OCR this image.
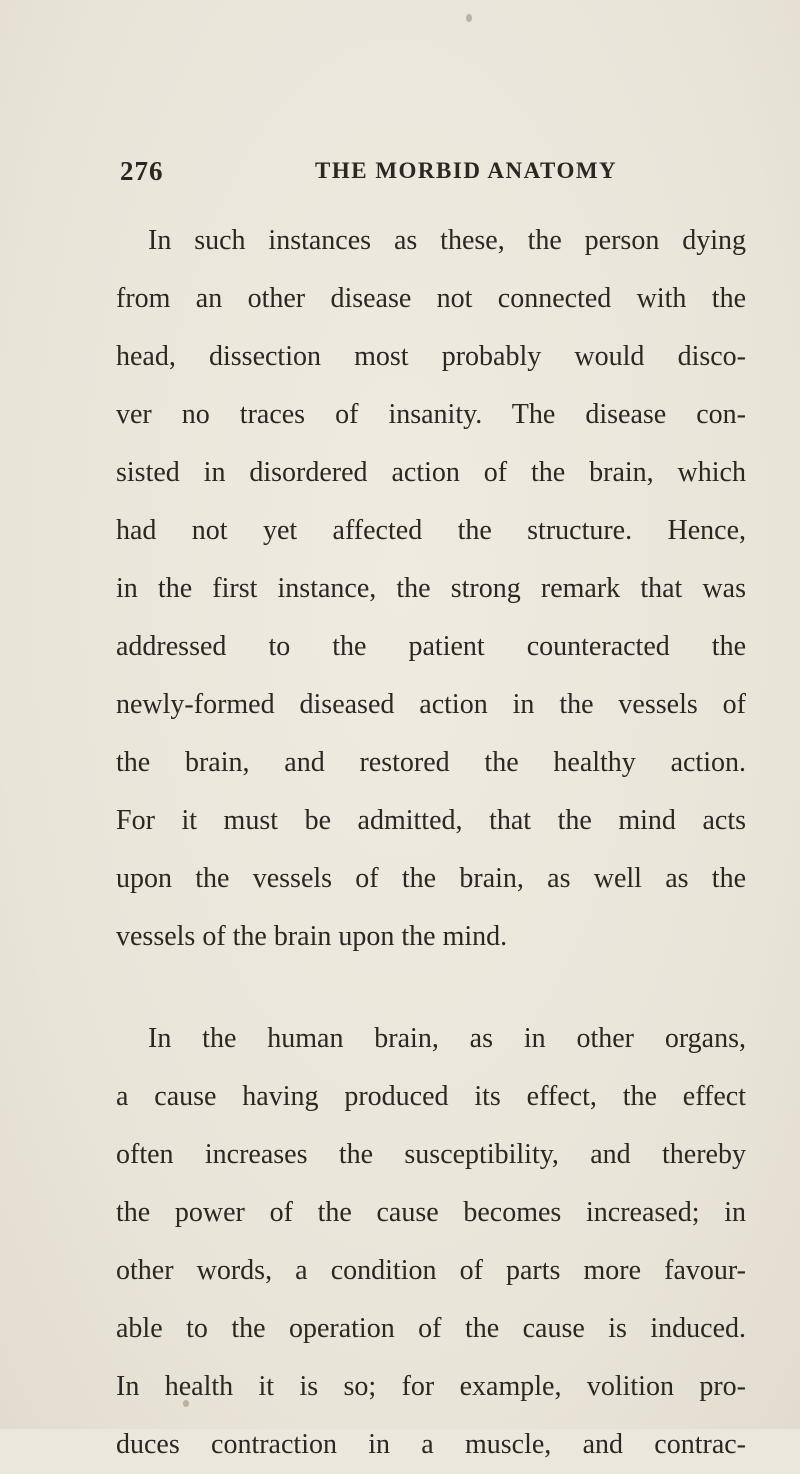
276	THE MORBID ANATOMY
In such instances as these, the person dying
from an other disease not connected with the
head, dissection most probably would disco-
ver no traces of insanity. The disease con-
sisted in disordered action of the brain, which
had not yet affected the structure. Hence,
in the first instance, the strong remark that was
addressed to the patient counteracted the
newly-formed diseased action in the vessels of
the brain, and restored the healthy action.
For it must be admitted, that the mind acts
upon the vessels of the brain, as well as the
vessels of the brain upon the mind.
In the human brain, as in other organs,
a cause having produced its effect, the effect
often increases the susceptibility, and thereby
the power of the cause becomes increased; in
other words, a condition of parts more favour-
able to the operation of the cause is induced.
In health it is so; for example, volition pro-
duces contraction in a muscle, and contrac-
